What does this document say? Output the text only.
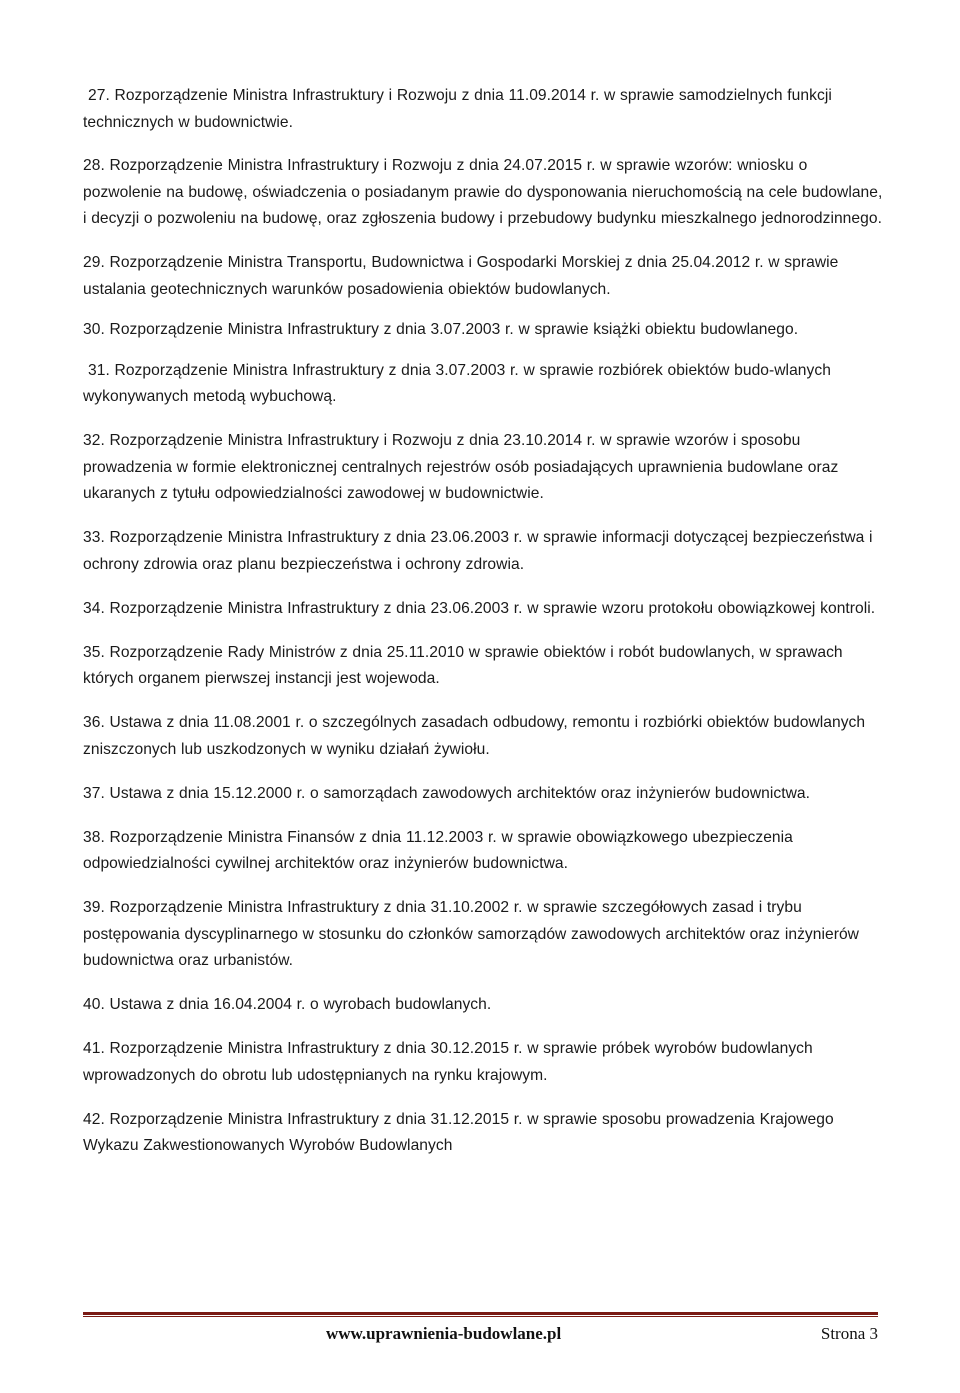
27. Rozporządzenie Ministra Infrastruktury i Rozwoju z dnia 11.09.2014 r. w sprawie samodzielnych funkcji technicznych w budownictwie.

28. Rozporządzenie Ministra Infrastruktury i Rozwoju z dnia 24.07.2015 r. w sprawie wzorów: wniosku o pozwolenie na budowę, oświadczenia o posiadanym prawie do dysponowania nieruchomością na cele budowlane, i decyzji o pozwoleniu na budowę, oraz zgłoszenia budowy i przebudowy budynku mieszkalnego jednorodzinnego.

29. Rozporządzenie Ministra Transportu, Budownictwa i Gospodarki Morskiej z dnia 25.04.2012 r. w sprawie ustalania geotechnicznych warunków posadowienia obiektów budowlanych.

30. Rozporządzenie Ministra Infrastruktury z dnia 3.07.2003 r. w sprawie książki obiektu budowlanego.

31. Rozporządzenie Ministra Infrastruktury z dnia 3.07.2003 r. w sprawie rozbiórek obiektów budo-wlanych wykonywanych metodą wybuchową.

32. Rozporządzenie Ministra Infrastruktury i Rozwoju z dnia 23.10.2014 r. w sprawie wzorów i sposobu prowadzenia w formie elektronicznej centralnych rejestrów osób posiadających uprawnienia budowlane oraz ukaranych z tytułu odpowiedzialności zawodowej w budownictwie.

33. Rozporządzenie Ministra Infrastruktury z dnia 23.06.2003 r. w sprawie informacji dotyczącej bezpieczeństwa i ochrony zdrowia oraz planu bezpieczeństwa i ochrony zdrowia.

34. Rozporządzenie Ministra Infrastruktury z dnia 23.06.2003 r. w sprawie wzoru protokołu obowiązkowej kontroli.

35. Rozporządzenie Rady Ministrów z dnia 25.11.2010 w sprawie obiektów i robót budowlanych, w sprawach których organem pierwszej instancji jest wojewoda.

36. Ustawa z dnia 11.08.2001 r. o szczególnych zasadach odbudowy, remontu i rozbiórki obiektów budowlanych zniszczonych lub uszkodzonych w wyniku działań żywiołu.

37. Ustawa z dnia 15.12.2000 r. o samorządach zawodowych architektów oraz inżynierów budownictwa.

38. Rozporządzenie Ministra Finansów z dnia 11.12.2003 r. w sprawie obowiązkowego ubezpieczenia odpowiedzialności cywilnej architektów oraz inżynierów budownictwa.

39. Rozporządzenie Ministra Infrastruktury z dnia 31.10.2002 r. w sprawie szczegółowych zasad i trybu postępowania dyscyplinarnego w stosunku do członków samorządów zawodowych architektów oraz inżynierów budownictwa oraz urbanistów.

40. Ustawa z dnia 16.04.2004 r. o wyrobach budowlanych.

41. Rozporządzenie Ministra Infrastruktury z dnia 30.12.2015 r. w sprawie próbek wyrobów budowlanych wprowadzonych do obrotu lub udostępnianych na rynku krajowym.

42. Rozporządzenie Ministra Infrastruktury z dnia 31.12.2015 r. w sprawie sposobu prowadzenia Krajowego Wykazu Zakwestionowanych Wyrobów Budowlanych

www.uprawnienia-budowlane.pl	Strona 3
